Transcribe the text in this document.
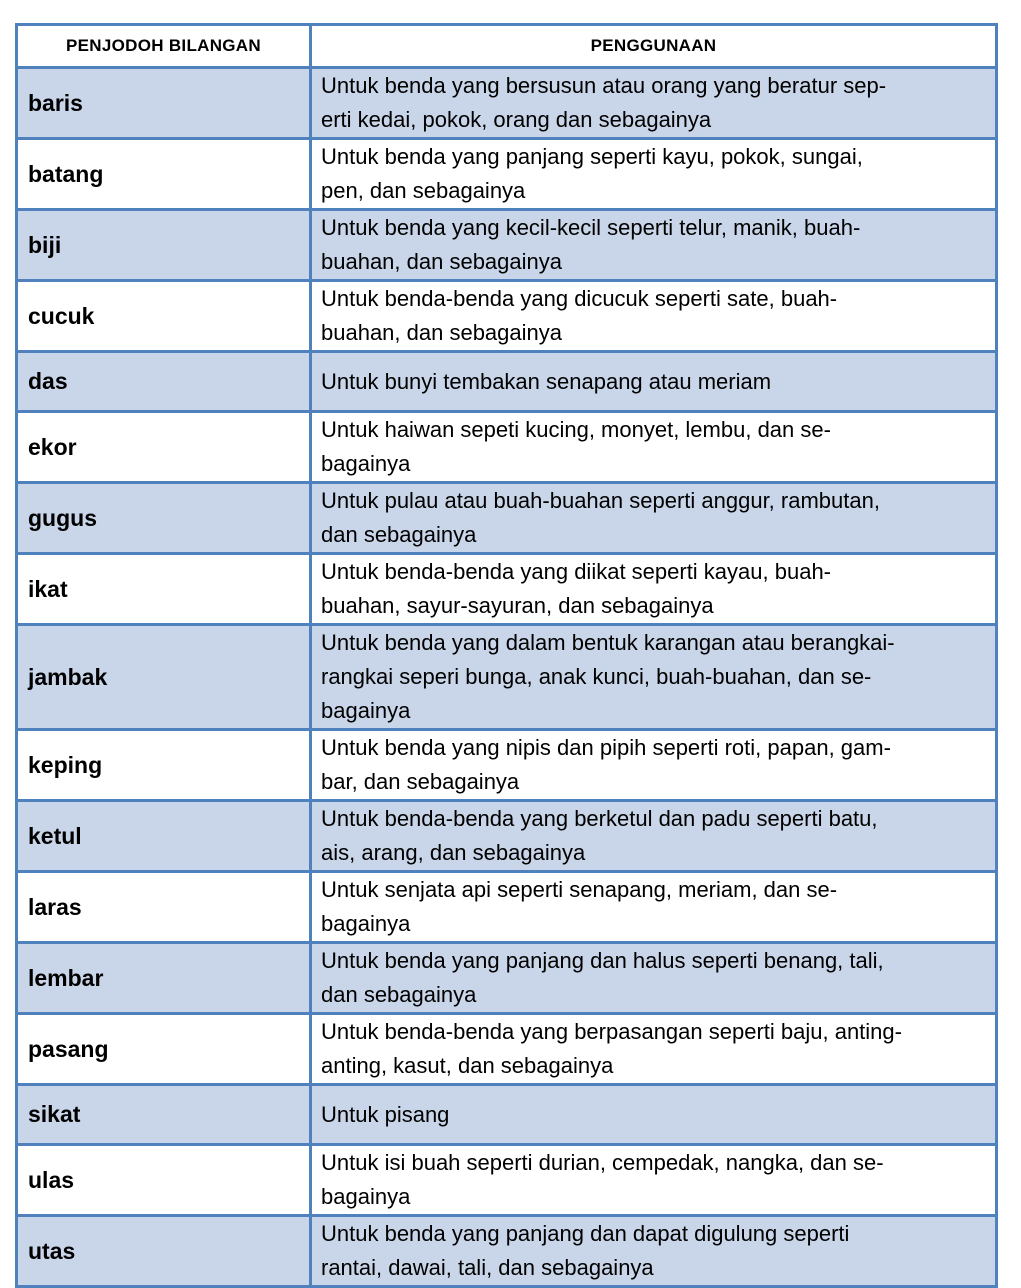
PENJODOH BILANGAN	PENGGUNAAN
baris	Untuk benda yang bersusun atau orang yang beratur sep-
erti kedai, pokok, orang dan sebagainya
batang	Untuk benda yang panjang seperti kayu, pokok, sungai,
pen, dan sebagainya
biji	Untuk benda yang kecil-kecil seperti telur, manik, buah-
buahan, dan sebagainya
cucuk	Untuk benda-benda yang dicucuk seperti sate, buah-
buahan, dan sebagainya
das	Untuk bunyi tembakan senapang atau meriam
ekor	Untuk haiwan sepeti kucing, monyet, lembu, dan se-
bagainya
gugus	Untuk pulau atau buah-buahan seperti anggur, rambutan,
dan sebagainya
ikat	Untuk benda-benda yang diikat seperti kayau, buah-
buahan, sayur-sayuran, dan sebagainya
jambak	Untuk benda yang dalam bentuk karangan atau berangkai-
rangkai seperi bunga, anak kunci, buah-buahan, dan se-
bagainya
keping	Untuk benda yang nipis dan pipih seperti roti, papan, gam-
bar, dan sebagainya
ketul	Untuk benda-benda yang berketul dan padu seperti batu,
ais, arang, dan sebagainya
laras	Untuk senjata api seperti senapang, meriam, dan se-
bagainya
lembar	Untuk benda yang panjang dan halus seperti benang, tali,
dan sebagainya
pasang	Untuk benda-benda yang berpasangan seperti baju, anting-
anting, kasut, dan sebagainya
sikat	Untuk pisang
ulas	Untuk isi buah seperti durian, cempedak, nangka, dan se-
bagainya
utas	Untuk benda yang panjang dan dapat digulung seperti
rantai, dawai, tali, dan sebagainya
